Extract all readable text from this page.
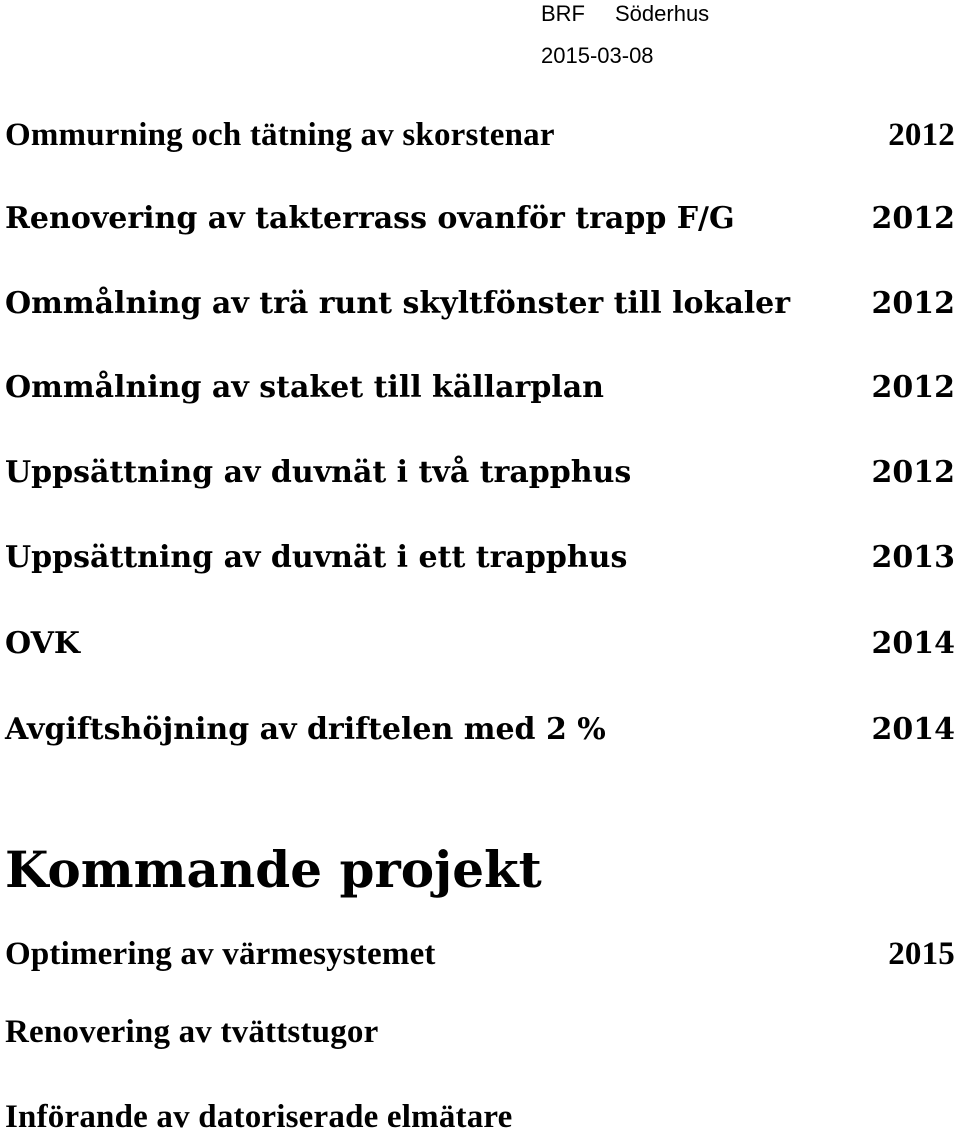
BRF Söderhus
2015-03-08
Ommurning och tätning av skorstenar	2012
Renovering av takterrass ovanför trapp F/G	2012
Ommålning av trä runt skyltfönster till lokaler	2012
Ommålning av staket till källarplan	2012
Uppsättning av duvnät i två trapphus	2012
Uppsättning av duvnät i ett trapphus	2013
OVK	2014
Avgiftshöjning av driftelen med 2 %	2014
Kommande projekt
Optimering av värmesystemet	2015
Renovering av tvättstugor
Införande av datoriserade elmätare
